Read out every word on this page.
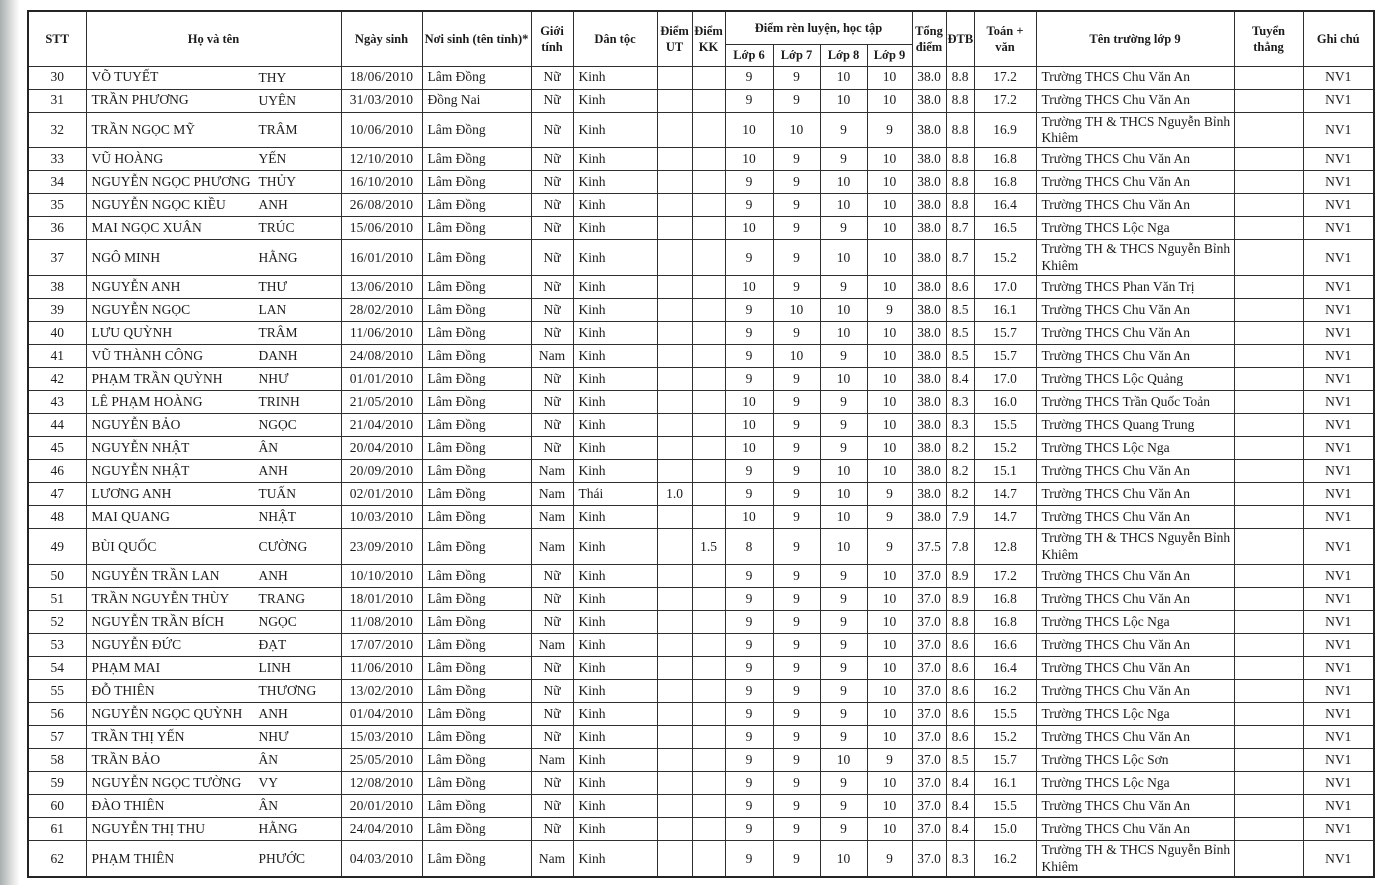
STT	Họ và tên	Ngày sinh	Nơi sinh (tên tỉnh)*	Giới tính	Dân tộc	Điểm UT	Điểm KK	Điểm rèn luyện, học tập				Tổng điểm	ĐTB	Toán + văn	Tên trường lớp 9	Tuyển thẳng	Ghi chú
								Lớp 6	Lớp 7	Lớp 8	Lớp 9						
30	VÕ TUYẾT THY	18/06/2010	Lâm Đồng	Nữ	Kinh			9	9	10	10	38.0	8.8	17.2	Trường THCS Chu Văn An		NV1
31	TRẦN PHƯƠNG UYÊN	31/03/2010	Đồng Nai	Nữ	Kinh			9	9	10	10	38.0	8.8	17.2	Trường THCS Chu Văn An		NV1
32	TRẦN NGỌC MỸ TRÂM	10/06/2010	Lâm Đồng	Nữ	Kinh			10	10	9	9	38.0	8.8	16.9	Trường TH & THCS Nguyễn Bỉnh Khiêm		NV1
33	VŨ HOÀNG YẾN	12/10/2010	Lâm Đồng	Nữ	Kinh			10	9	9	10	38.0	8.8	16.8	Trường THCS Chu Văn An		NV1
34	NGUYỄN NGỌC PHƯƠNG THỦY	16/10/2010	Lâm Đồng	Nữ	Kinh			9	9	10	10	38.0	8.8	16.8	Trường THCS Chu Văn An		NV1
35	NGUYỄN NGỌC KIỀU ANH	26/08/2010	Lâm Đồng	Nữ	Kinh			9	9	10	10	38.0	8.8	16.4	Trường THCS Chu Văn An		NV1
36	MAI NGỌC XUÂN TRÚC	15/06/2010	Lâm Đồng	Nữ	Kinh			10	9	9	10	38.0	8.7	16.5	Trường THCS Lộc Nga		NV1
37	NGÔ MINH HẰNG	16/01/2010	Lâm Đồng	Nữ	Kinh			9	9	10	10	38.0	8.7	15.2	Trường TH & THCS Nguyễn Bỉnh Khiêm		NV1
38	NGUYỄN ANH THƯ	13/06/2010	Lâm Đồng	Nữ	Kinh			10	9	9	10	38.0	8.6	17.0	Trường THCS Phan Văn Trị		NV1
39	NGUYỄN NGỌC LAN	28/02/2010	Lâm Đồng	Nữ	Kinh			9	10	10	9	38.0	8.5	16.1	Trường THCS Chu Văn An		NV1
40	LƯU QUỲNH TRÂM	11/06/2010	Lâm Đồng	Nữ	Kinh			9	9	10	10	38.0	8.5	15.7	Trường THCS Chu Văn An		NV1
41	VŨ THÀNH CÔNG DANH	24/08/2010	Lâm Đồng	Nam	Kinh			9	10	9	10	38.0	8.5	15.7	Trường THCS Chu Văn An		NV1
42	PHẠM TRẦN QUỲNH NHƯ	01/01/2010	Lâm Đồng	Nữ	Kinh			9	9	10	10	38.0	8.4	17.0	Trường THCS Lộc Quảng		NV1
43	LÊ PHẠM HOÀNG TRINH	21/05/2010	Lâm Đồng	Nữ	Kinh			10	9	9	10	38.0	8.3	16.0	Trường THCS Trần Quốc Toản		NV1
44	NGUYỄN BẢO NGỌC	21/04/2010	Lâm Đồng	Nữ	Kinh			10	9	9	10	38.0	8.3	15.5	Trường THCS Quang Trung		NV1
45	NGUYỄN NHẬT ÂN	20/04/2010	Lâm Đồng	Nữ	Kinh			10	9	9	10	38.0	8.2	15.2	Trường THCS Lộc Nga		NV1
46	NGUYỄN NHẬT ANH	20/09/2010	Lâm Đồng	Nam	Kinh			9	9	10	10	38.0	8.2	15.1	Trường THCS Chu Văn An		NV1
47	LƯƠNG ANH TUẤN	02/01/2010	Lâm Đồng	Nam	Thái	1.0		9	9	10	9	38.0	8.2	14.7	Trường THCS Chu Văn An		NV1
48	MAI QUANG NHẬT	10/03/2010	Lâm Đồng	Nam	Kinh			10	9	10	9	38.0	7.9	14.7	Trường THCS Chu Văn An		NV1
49	BÙI QUỐC CƯỜNG	23/09/2010	Lâm Đồng	Nam	Kinh		1.5	8	9	10	9	37.5	7.8	12.8	Trường TH & THCS Nguyễn Bỉnh Khiêm		NV1
50	NGUYỄN TRẦN LAN ANH	10/10/2010	Lâm Đồng	Nữ	Kinh			9	9	9	10	37.0	8.9	17.2	Trường THCS Chu Văn An		NV1
51	TRẦN NGUYỄN THÙY TRANG	18/01/2010	Lâm Đồng	Nữ	Kinh			9	9	9	10	37.0	8.9	16.8	Trường THCS Chu Văn An		NV1
52	NGUYỄN TRẦN BÍCH NGỌC	11/08/2010	Lâm Đồng	Nữ	Kinh			9	9	9	10	37.0	8.8	16.8	Trường THCS Lộc Nga		NV1
53	NGUYỄN ĐỨC ĐẠT	17/07/2010	Lâm Đồng	Nam	Kinh			9	9	9	10	37.0	8.6	16.6	Trường THCS Chu Văn An		NV1
54	PHẠM MAI LINH	11/06/2010	Lâm Đồng	Nữ	Kinh			9	9	9	10	37.0	8.6	16.4	Trường THCS Chu Văn An		NV1
55	ĐỖ THIÊN THƯƠNG	13/02/2010	Lâm Đồng	Nữ	Kinh			9	9	9	10	37.0	8.6	16.2	Trường THCS Chu Văn An		NV1
56	NGUYỄN NGỌC QUỲNH ANH	01/04/2010	Lâm Đồng	Nữ	Kinh			9	9	9	10	37.0	8.6	15.5	Trường THCS Lộc Nga		NV1
57	TRẦN THỊ YẾN NHƯ	15/03/2010	Lâm Đồng	Nữ	Kinh			9	9	9	10	37.0	8.6	15.2	Trường THCS Chu Văn An		NV1
58	TRẦN BẢO ÂN	25/05/2010	Lâm Đồng	Nam	Kinh			9	9	10	9	37.0	8.5	15.7	Trường THCS Lộc Sơn		NV1
59	NGUYỄN NGỌC TƯỜNG VY	12/08/2010	Lâm Đồng	Nữ	Kinh			9	9	9	10	37.0	8.4	16.1	Trường THCS Lộc Nga		NV1
60	ĐÀO THIÊN ÂN	20/01/2010	Lâm Đồng	Nữ	Kinh			9	9	9	10	37.0	8.4	15.5	Trường THCS Chu Văn An		NV1
61	NGUYỄN THỊ THU HẰNG	24/04/2010	Lâm Đồng	Nữ	Kinh			9	9	9	10	37.0	8.4	15.0	Trường THCS Chu Văn An		NV1
62	PHẠM THIÊN PHƯỚC	04/03/2010	Lâm Đồng	Nam	Kinh			9	9	10	9	37.0	8.3	16.2	Trường TH & THCS Nguyễn Bỉnh Khiêm		NV1
